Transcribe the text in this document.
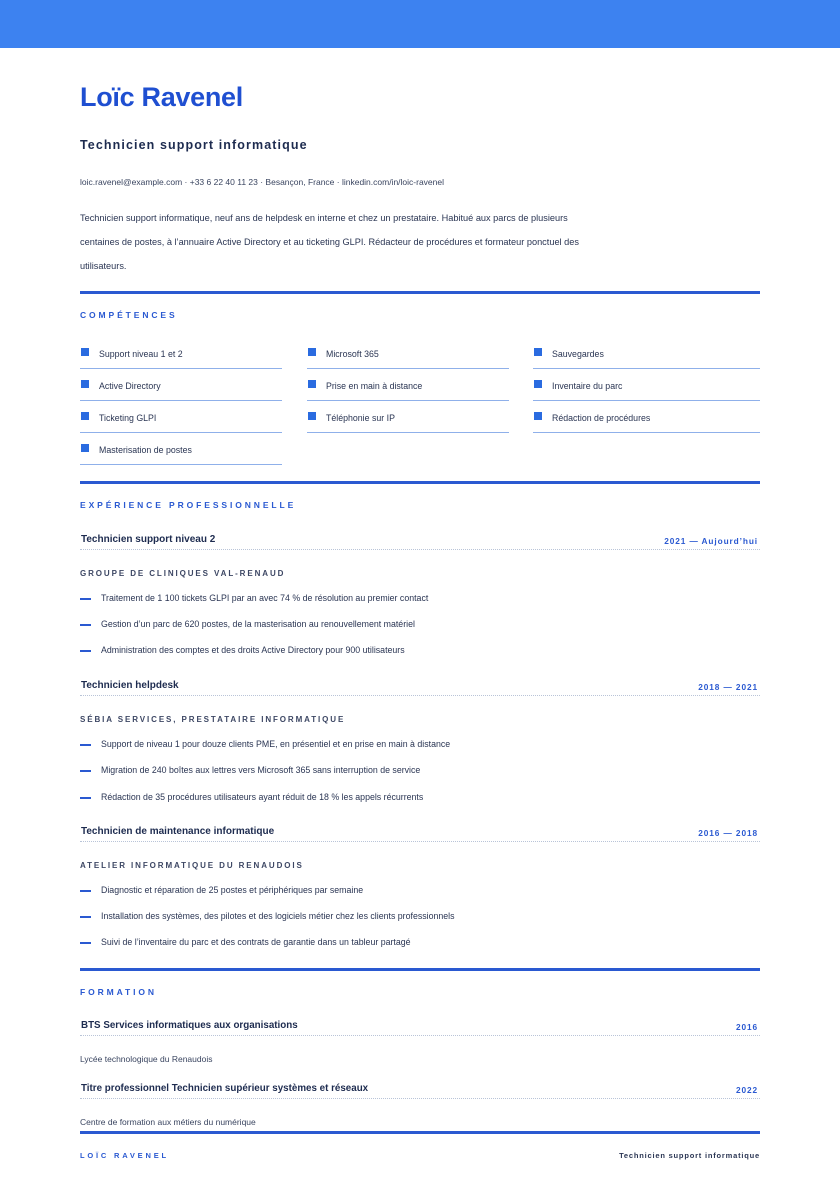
Loïc Ravenel
Technicien support informatique
loic.ravenel@example.com · +33 6 22 40 11 23 · Besançon, France · linkedin.com/in/loic-ravenel
Technicien support informatique, neuf ans de helpdesk en interne et chez un prestataire. Habitué aux parcs de plusieurs centaines de postes, à l’annuaire Active Directory et au ticketing GLPI. Rédacteur de procédures et formateur ponctuel des utilisateurs.
COMPÉTENCES
Support niveau 1 et 2	Microsoft 365	Sauvegardes
Active Directory	Prise en main à distance	Inventaire du parc
Ticketing GLPI	Téléphonie sur IP	Rédaction de procédures
Masterisation de postes
EXPÉRIENCE PROFESSIONNELLE
Technicien support niveau 2	2021 — Aujourd’hui
GROUPE DE CLINIQUES VAL-RENAUD
Traitement de 1 100 tickets GLPI par an avec 74 % de résolution au premier contact
Gestion d’un parc de 620 postes, de la masterisation au renouvellement matériel
Administration des comptes et des droits Active Directory pour 900 utilisateurs
Technicien helpdesk	2018 — 2021
SÉBIA SERVICES, PRESTATAIRE INFORMATIQUE
Support de niveau 1 pour douze clients PME, en présentiel et en prise en main à distance
Migration de 240 boîtes aux lettres vers Microsoft 365 sans interruption de service
Rédaction de 35 procédures utilisateurs ayant réduit de 18 % les appels récurrents
Technicien de maintenance informatique	2016 — 2018
ATELIER INFORMATIQUE DU RENAUDOIS
Diagnostic et réparation de 25 postes et périphériques par semaine
Installation des systèmes, des pilotes et des logiciels métier chez les clients professionnels
Suivi de l’inventaire du parc et des contrats de garantie dans un tableur partagé
FORMATION
BTS Services informatiques aux organisations	2016
Lycée technologique du Renaudois
Titre professionnel Technicien supérieur systèmes et réseaux	2022
Centre de formation aux métiers du numérique
LOÏC RAVENEL	Technicien support informatique
